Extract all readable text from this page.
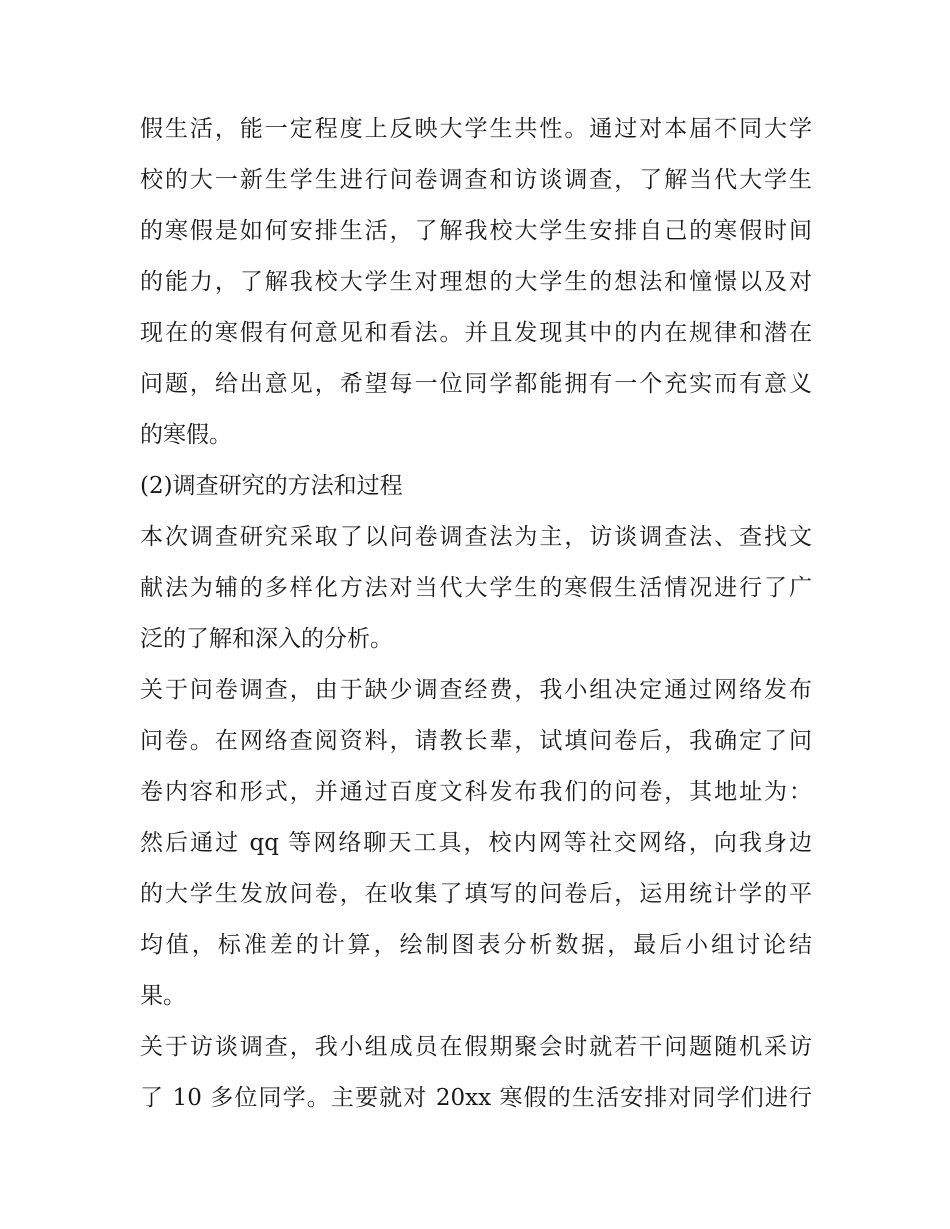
假生活，能一定程度上反映大学生共性。通过对本届不同大学
校的大一新生学生进行问卷调查和访谈调查，了解当代大学生
的寒假是如何安排生活，了解我校大学生安排自己的寒假时间
的能力，了解我校大学生对理想的大学生的想法和憧憬以及对
现在的寒假有何意见和看法。并且发现其中的内在规律和潜在
问题，给出意见，希望每一位同学都能拥有一个充实而有意义
的寒假。
(2)调查研究的方法和过程
本次调查研究采取了以问卷调查法为主，访谈调查法、查找文
献法为辅的多样化方法对当代大学生的寒假生活情况进行了广
泛的了解和深入的分析。
关于问卷调查，由于缺少调查经费，我小组决定通过网络发布
问卷。在网络查阅资料，请教长辈，试填问卷后，我确定了问
卷内容和形式，并通过百度文科发布我们的问卷，其地址为：
然后通过 qq 等网络聊天工具，校内网等社交网络，向我身边
的大学生发放问卷，在收集了填写的问卷后，运用统计学的平
均值，标准差的计算，绘制图表分析数据，最后小组讨论结
果。
关于访谈调查，我小组成员在假期聚会时就若干问题随机采访
了 10 多位同学。主要就对 20xx 寒假的生活安排对同学们进行
